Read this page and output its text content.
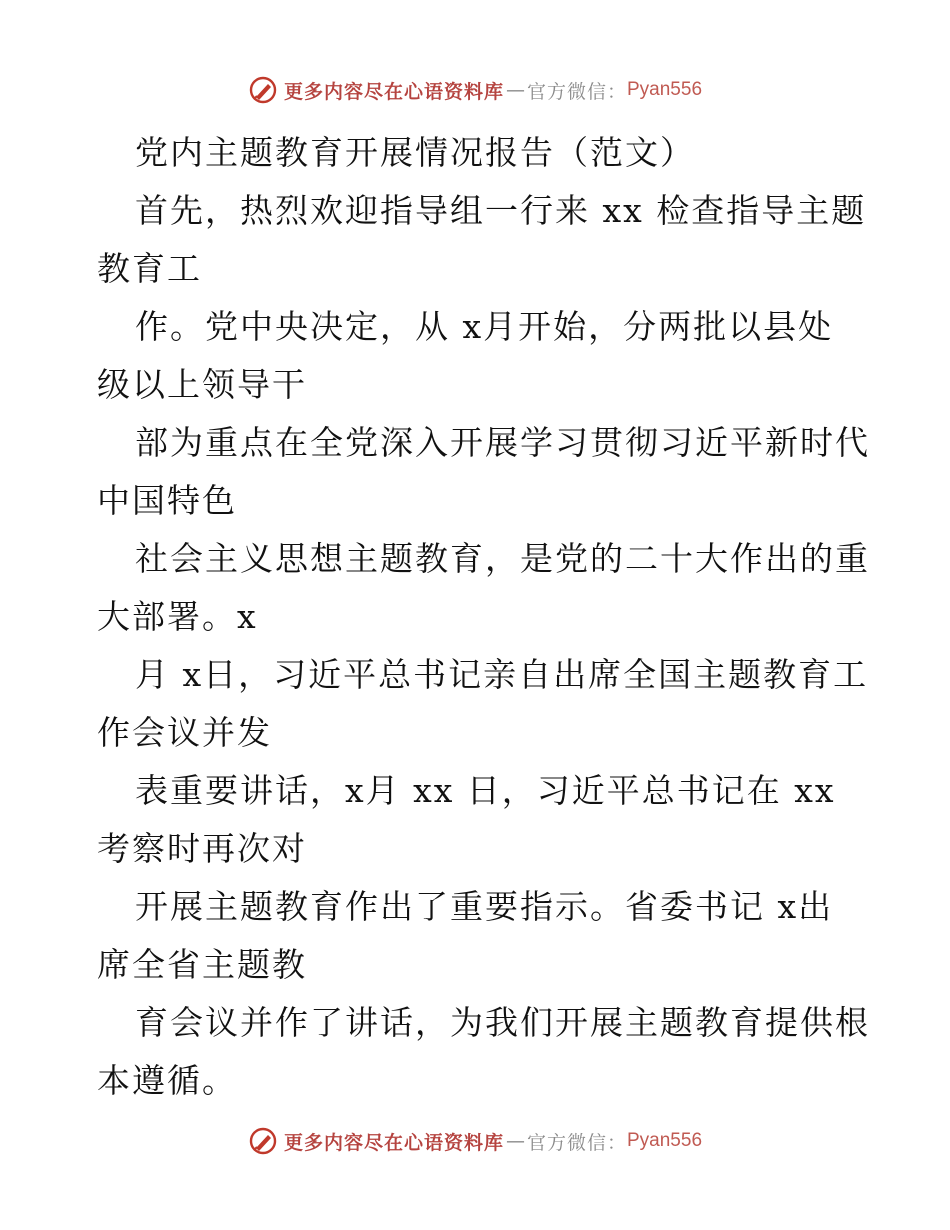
更多内容尽在心语资料库 — 官方微信： Pyan556
党内主题教育开展情况报告（范文）
首先，热烈欢迎指导组一行来 xx 检查指导主题
教育工
作。党中央决定，从 x月开始，分两批以县处
级以上领导干
部为重点在全党深入开展学习贯彻习近平新时代
中国特色
社会主义思想主题教育，是党的二十大作出的重
大部署。x
月 x日，习近平总书记亲自出席全国主题教育工
作会议并发
表重要讲话，x月 xx 日，习近平总书记在 xx
考察时再次对
开展主题教育作出了重要指示。省委书记 x出
席全省主题教
育会议并作了讲话，为我们开展主题教育提供根
本遵循。
更多内容尽在心语资料库 — 官方微信： Pyan556
